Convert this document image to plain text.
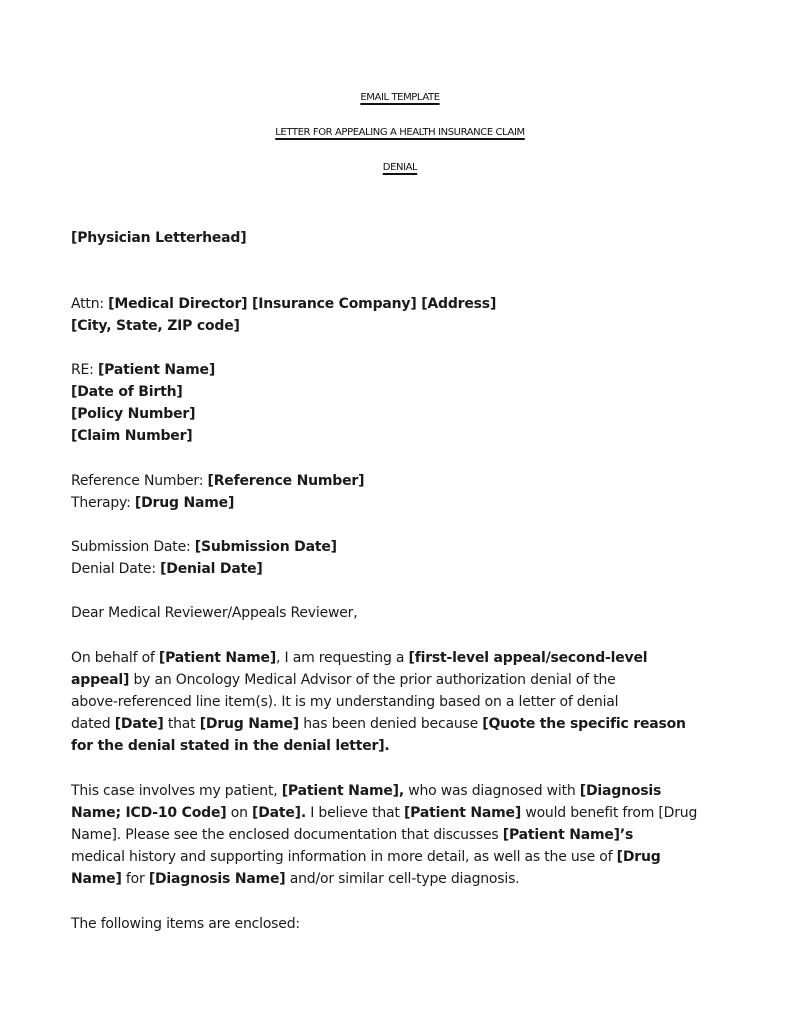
EMAIL TEMPLATE
LETTER FOR APPEALING A HEALTH INSURANCE CLAIM
DENIAL
[Physician Letterhead]
Attn: [Medical Director] [Insurance Company] [Address]
[City, State, ZIP code]
RE: [Patient Name]
[Date of Birth]
[Policy Number]
[Claim Number]
Reference Number: [Reference Number]
Therapy: [Drug Name]
Submission Date: [Submission Date]
Denial Date: [Denial Date]
Dear Medical Reviewer/Appeals Reviewer,
On behalf of [Patient Name], I am requesting a [first-level appeal/second-level
appeal] by an Oncology Medical Advisor of the prior authorization denial of the
above-referenced line item(s). It is my understanding based on a letter of denial
dated [Date] that [Drug Name] has been denied because [Quote the specific reason
for the denial stated in the denial letter].
This case involves my patient, [Patient Name], who was diagnosed with [Diagnosis
Name; ICD-10 Code] on [Date]. I believe that [Patient Name] would benefit from [Drug
Name]. Please see the enclosed documentation that discusses [Patient Name]’s
medical history and supporting information in more detail, as well as the use of [Drug
Name] for [Diagnosis Name] and/or similar cell-type diagnosis.
The following items are enclosed:
